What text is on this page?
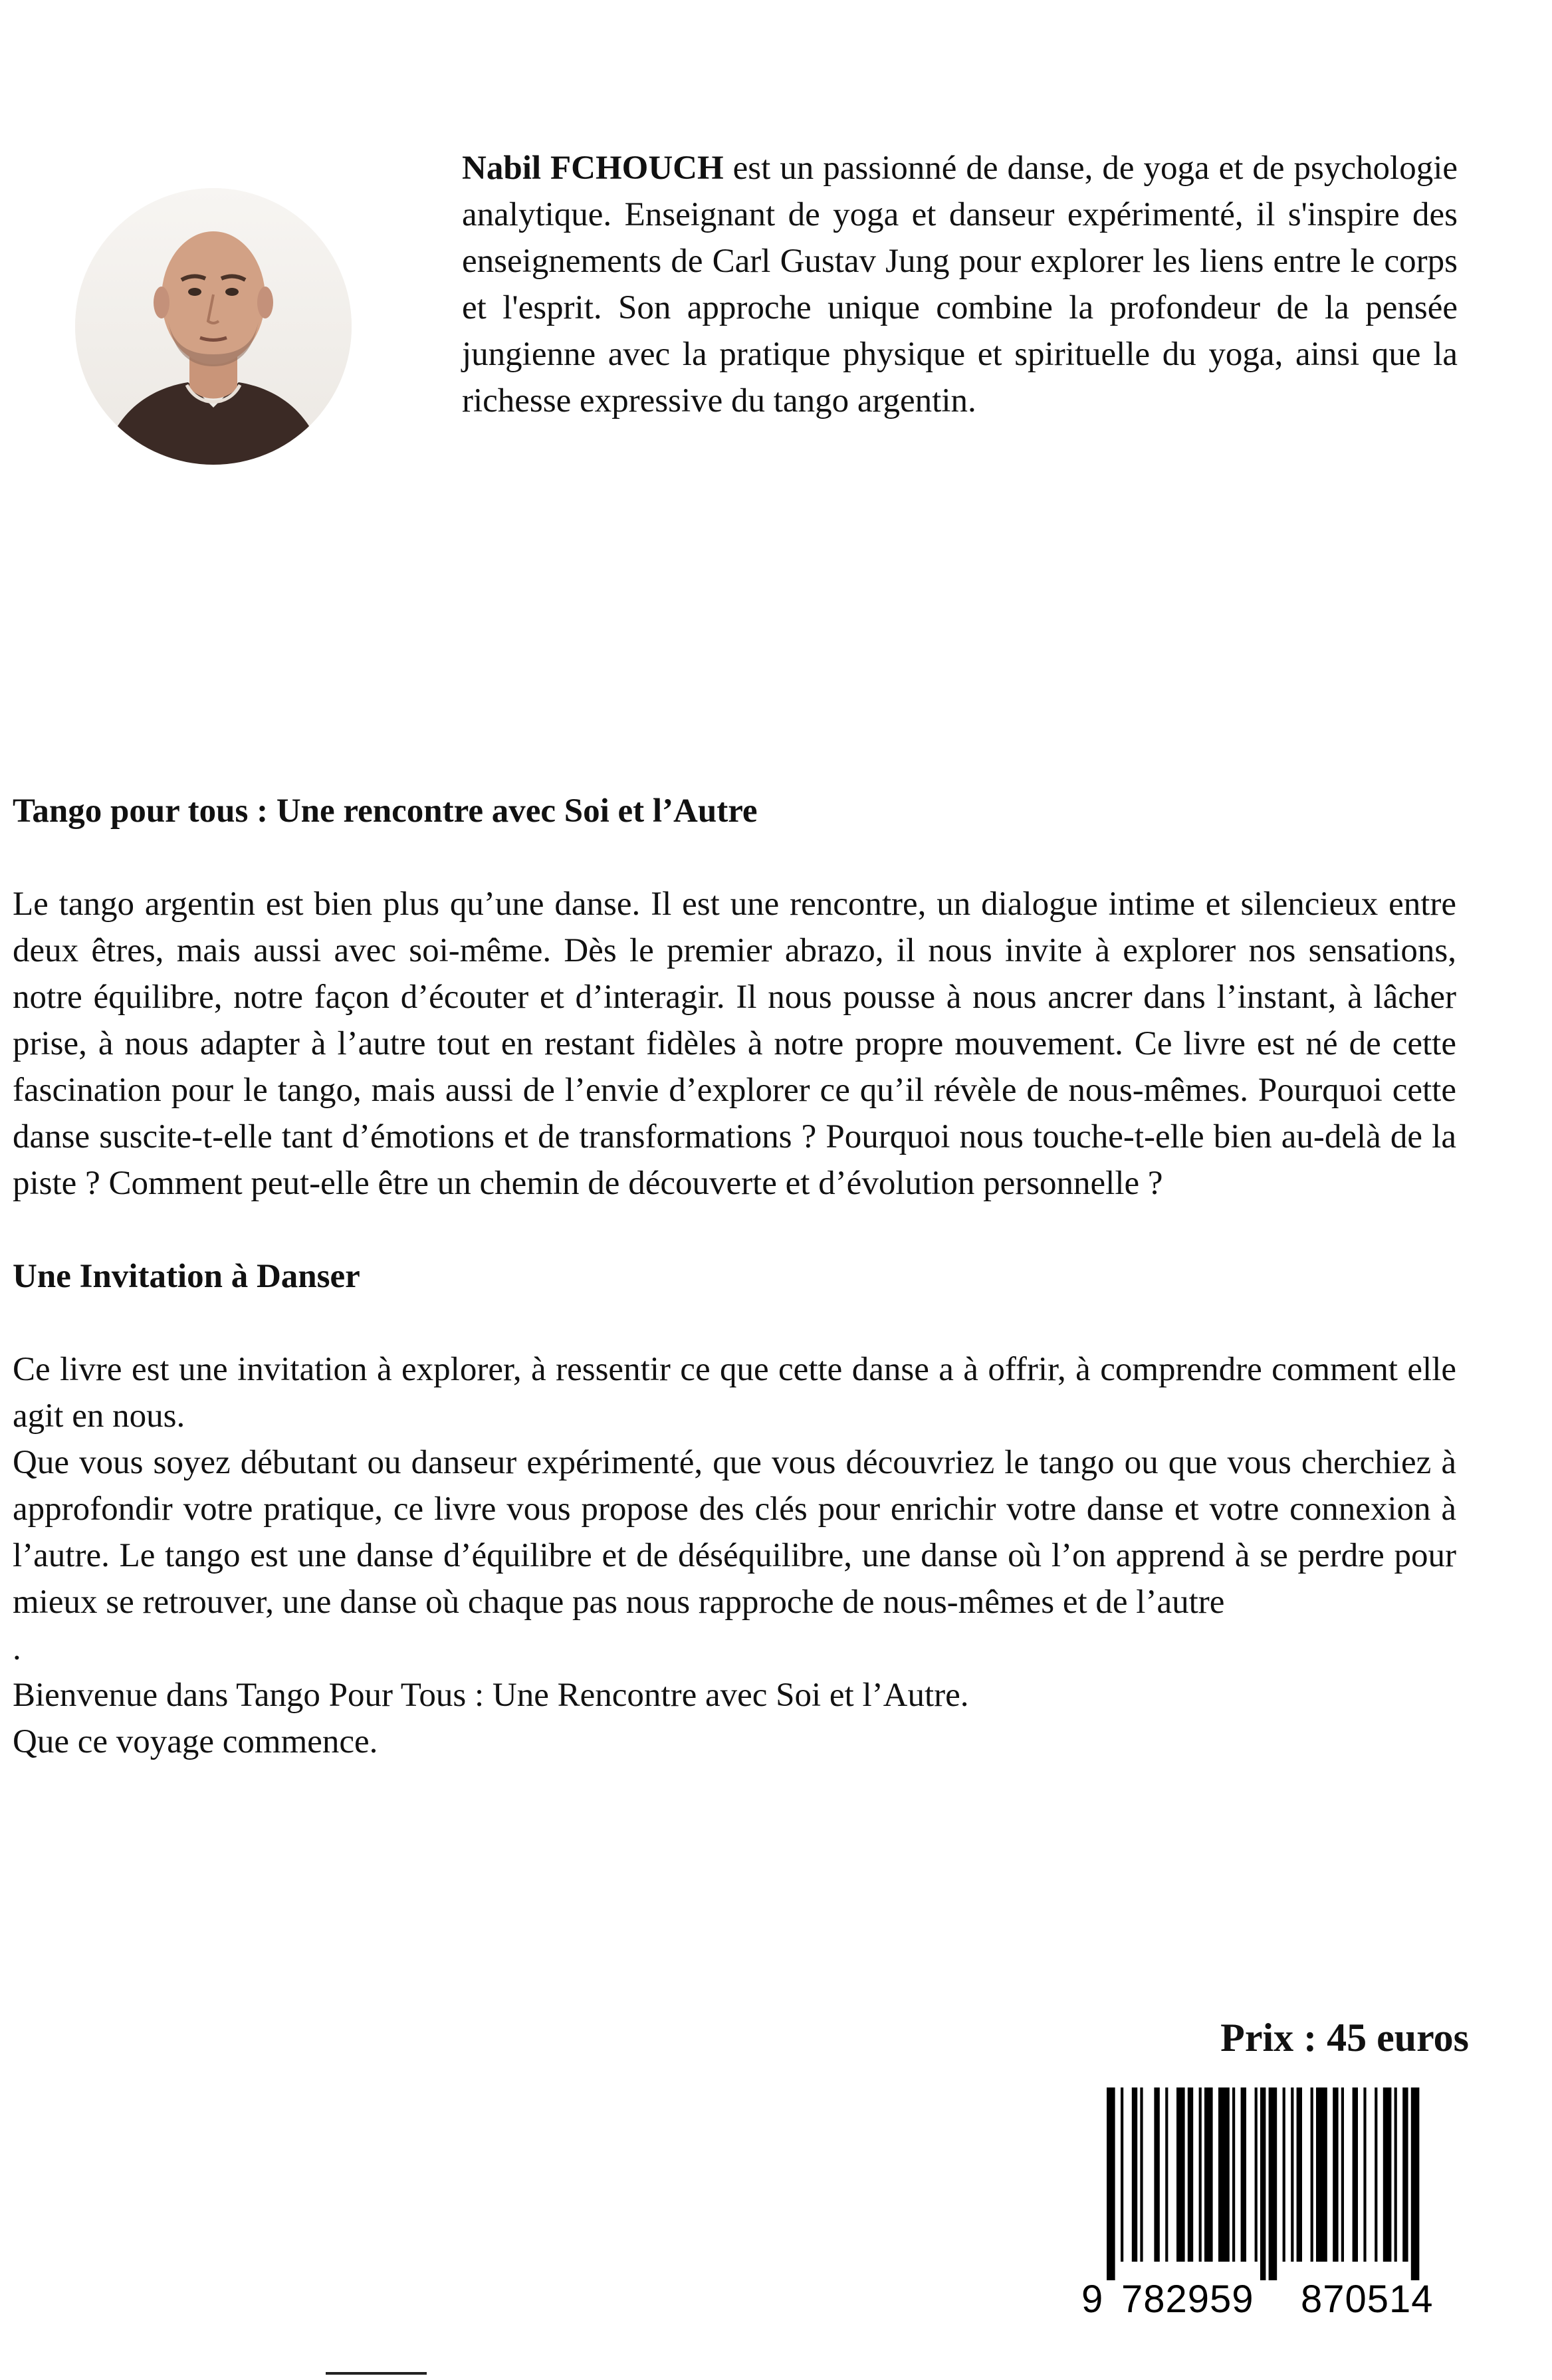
Nabil FCHOUCH est un passionné de danse, de yoga et de psychologie analytique. Enseignant de yoga et danseur expérimenté, il s'inspire des enseignements de Carl Gustav Jung pour explorer les liens entre le corps et l'esprit. Son approche unique combine la profondeur de la pensée jungienne avec la pratique physique et spirituelle du yoga, ainsi que la richesse expressive du tango argentin.

Tango pour tous : Une rencontre avec Soi et l’Autre

Le tango argentin est bien plus qu’une danse. Il est une rencontre, un dialogue intime et silencieux entre deux êtres, mais aussi avec soi-même. Dès le premier abrazo, il nous invite à explorer nos sensations, notre équilibre, notre façon d’écouter et d’interagir. Il nous pousse à nous ancrer dans l’instant, à lâcher prise, à nous adapter à l’autre tout en restant fidèles à notre propre mouvement. Ce livre est né de cette fascination pour le tango, mais aussi de l’envie d’explorer ce qu’il révèle de nous-mêmes. Pourquoi cette danse suscite-t-elle tant d’émotions et de transformations ? Pourquoi nous touche-t-elle bien au-delà de la piste ? Comment peut-elle être un chemin de découverte et d’évolution personnelle ?

Une Invitation à Danser

Ce livre est une invitation à explorer, à ressentir ce que cette danse a à offrir, à comprendre comment elle agit en nous.

Que vous soyez débutant ou danseur expérimenté, que vous découvriez le tango ou que vous cherchiez à approfondir votre pratique, ce livre vous propose des clés pour enrichir votre danse et votre connexion à l’autre. Le tango est une danse d’équilibre et de déséquilibre, une danse où l’on apprend à se perdre pour mieux se retrouver, une danse où chaque pas nous rapproche de nous-mêmes et de l’autre

.

Bienvenue dans Tango Pour Tous : Une Rencontre avec Soi et l’Autre.

Que ce voyage commence.

Prix : 45 euros

9 782959 870514
